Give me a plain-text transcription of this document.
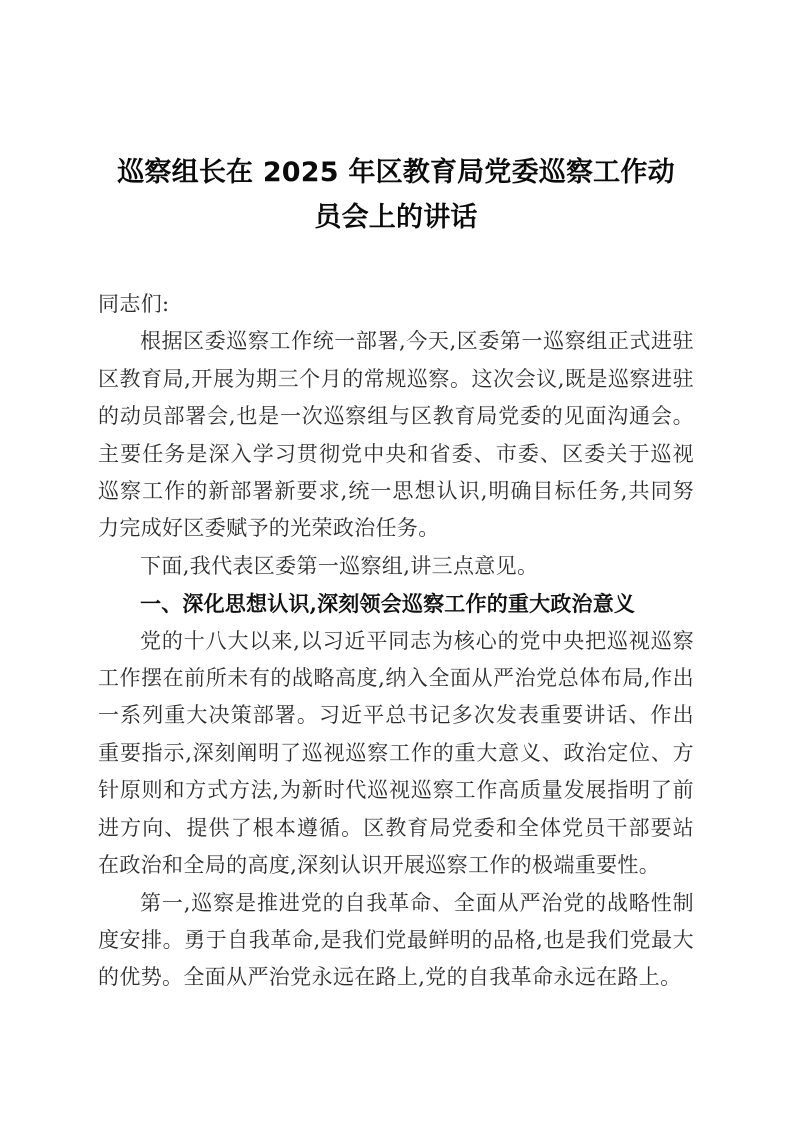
巡察组长在 2025 年区教育局党委巡察工作动员会上的讲话

同志们:

根据区委巡察工作统一部署,今天,区委第一巡察组正式进驻区教育局,开展为期三个月的常规巡察。这次会议,既是巡察进驻的动员部署会,也是一次巡察组与区教育局党委的见面沟通会。主要任务是深入学习贯彻党中央和省委、市委、区委关于巡视巡察工作的新部署新要求,统一思想认识,明确目标任务,共同努力完成好区委赋予的光荣政治任务。

下面,我代表区委第一巡察组,讲三点意见。

一、深化思想认识,深刻领会巡察工作的重大政治意义

党的十八大以来,以习近平同志为核心的党中央把巡视巡察工作摆在前所未有的战略高度,纳入全面从严治党总体布局,作出一系列重大决策部署。习近平总书记多次发表重要讲话、作出重要指示,深刻阐明了巡视巡察工作的重大意义、政治定位、方针原则和方式方法,为新时代巡视巡察工作高质量发展指明了前进方向、提供了根本遵循。区教育局党委和全体党员干部要站在政治和全局的高度,深刻认识开展巡察工作的极端重要性。

第一,巡察是推进党的自我革命、全面从严治党的战略性制度安排。勇于自我革命,是我们党最鲜明的品格,也是我们党最大的优势。全面从严治党永远在路上,党的自我革命永远在路上。
